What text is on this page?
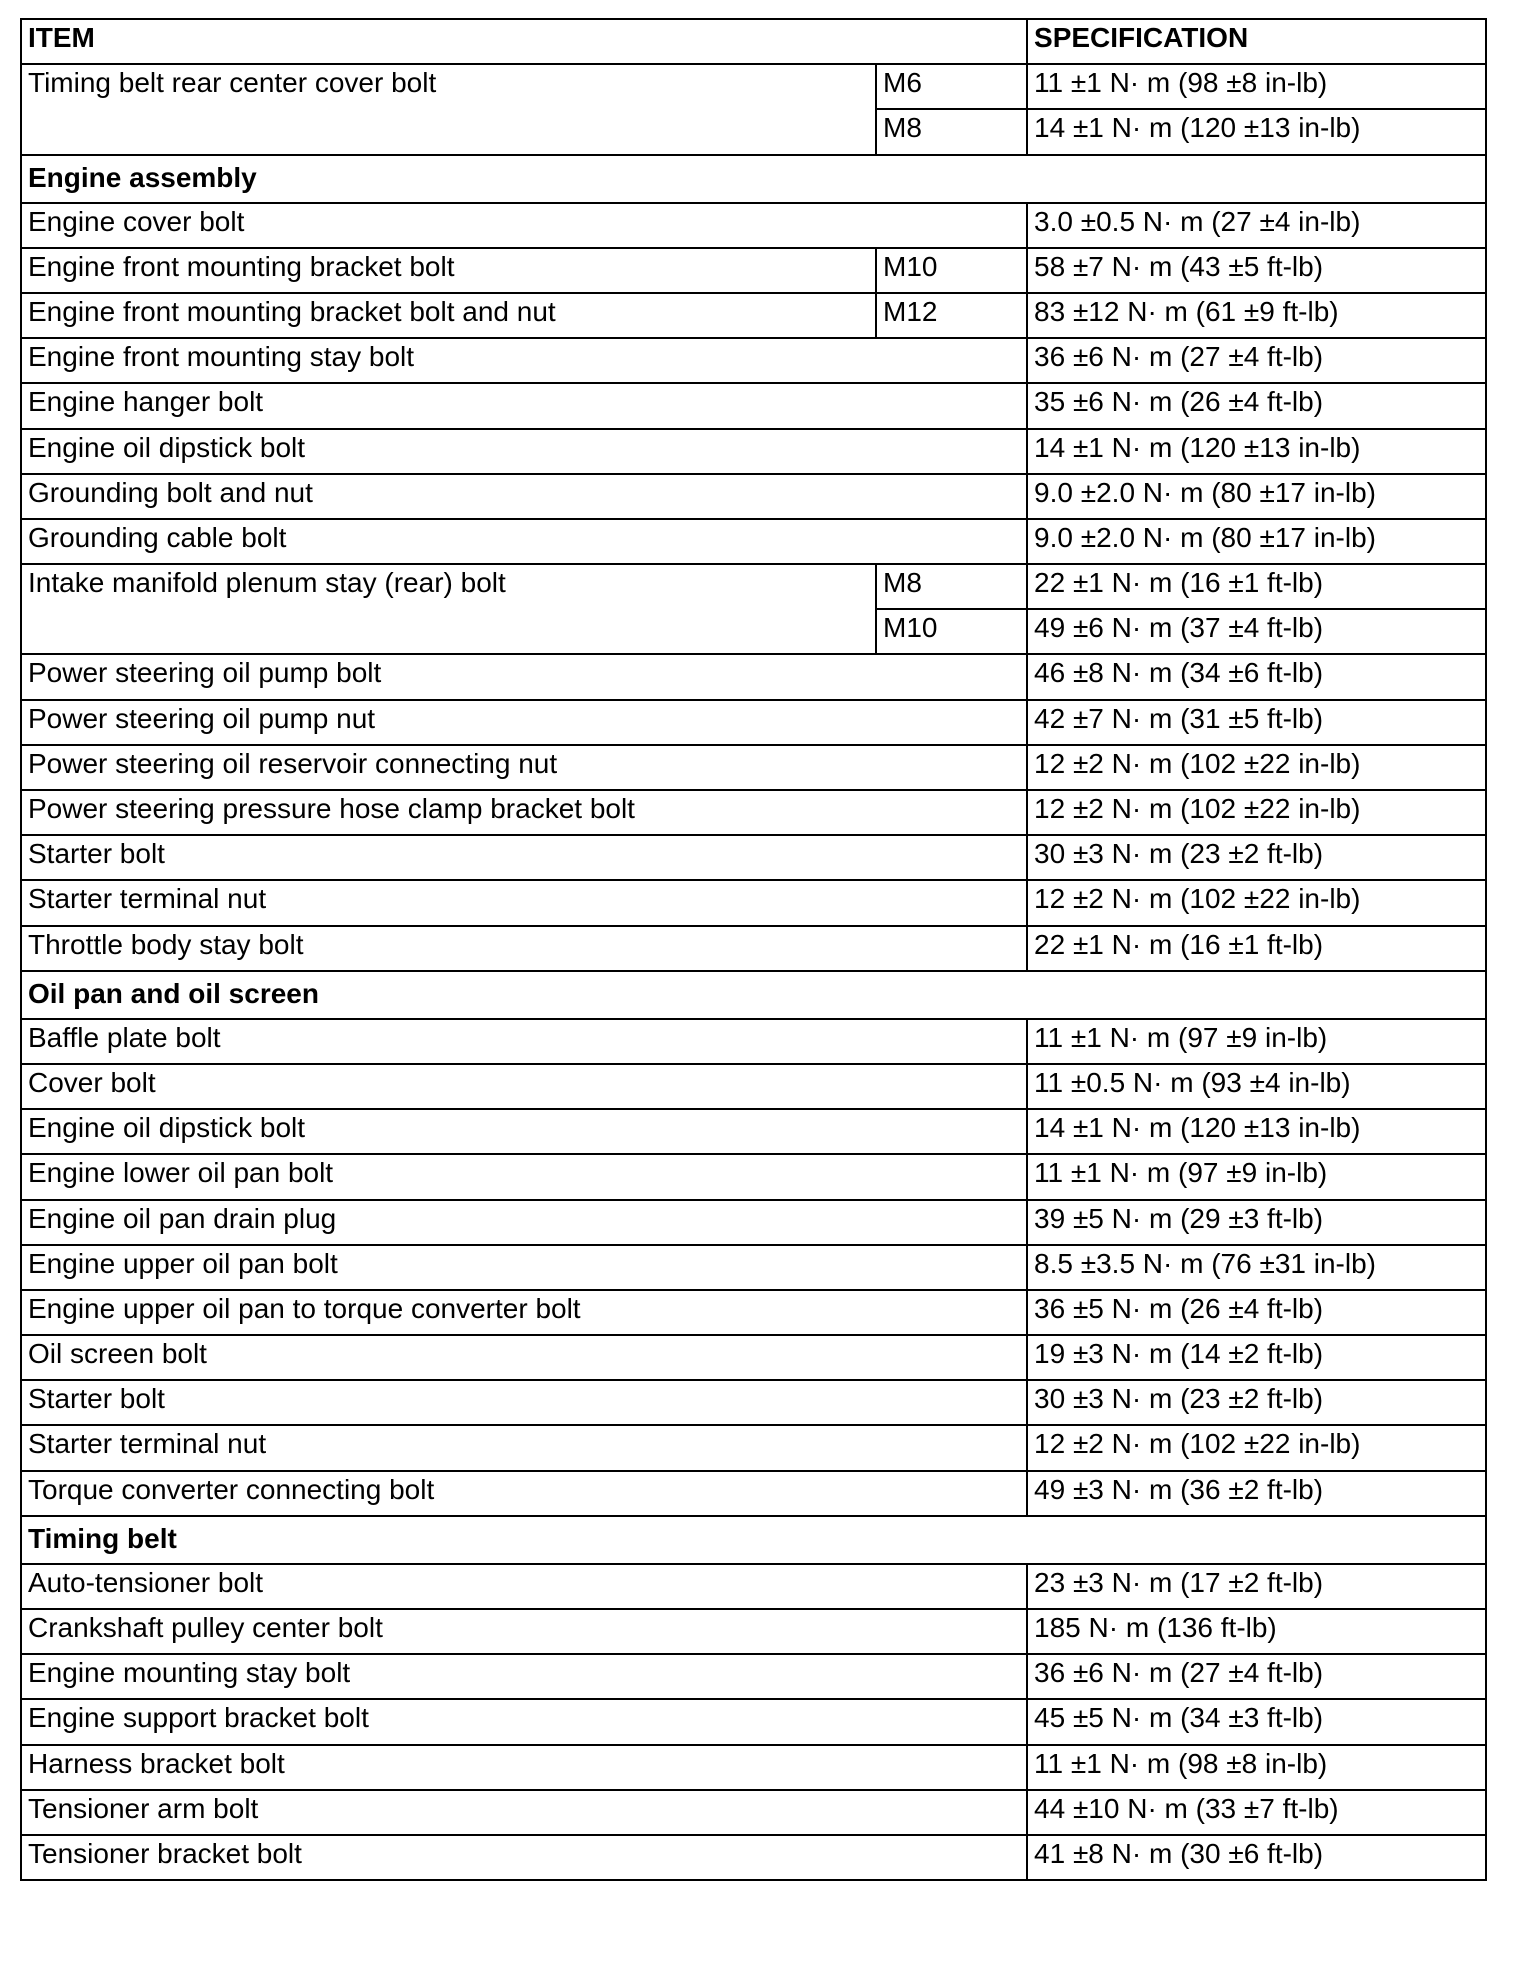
ITEM		SPECIFICATION
Timing belt rear center cover bolt	M6	11 ±1 N· m (98 ±8 in-lb)
	M8	14 ±1 N· m (120 ±13 in-lb)
Engine assembly		
Engine cover bolt		3.0 ±0.5 N· m (27 ±4 in-lb)
Engine front mounting bracket bolt	M10	58 ±7 N· m (43 ±5 ft-lb)
Engine front mounting bracket bolt and nut	M12	83 ±12 N· m (61 ±9 ft-lb)
Engine front mounting stay bolt		36 ±6 N· m (27 ±4 ft-lb)
Engine hanger bolt		35 ±6 N· m (26 ±4 ft-lb)
Engine oil dipstick bolt		14 ±1 N· m (120 ±13 in-lb)
Grounding bolt and nut		9.0 ±2.0 N· m (80 ±17 in-lb)
Grounding cable bolt		9.0 ±2.0 N· m (80 ±17 in-lb)
Intake manifold plenum stay (rear) bolt	M8	22 ±1 N· m (16 ±1 ft-lb)
	M10	49 ±6 N· m (37 ±4 ft-lb)
Power steering oil pump bolt		46 ±8 N· m (34 ±6 ft-lb)
Power steering oil pump nut		42 ±7 N· m (31 ±5 ft-lb)
Power steering oil reservoir connecting nut		12 ±2 N· m (102 ±22 in-lb)
Power steering pressure hose clamp bracket bolt		12 ±2 N· m (102 ±22 in-lb)
Starter bolt		30 ±3 N· m (23 ±2 ft-lb)
Starter terminal nut		12 ±2 N· m (102 ±22 in-lb)
Throttle body stay bolt		22 ±1 N· m (16 ±1 ft-lb)
Oil pan and oil screen		
Baffle plate bolt		11 ±1 N· m (97 ±9 in-lb)
Cover bolt		11 ±0.5 N· m (93 ±4 in-lb)
Engine oil dipstick bolt		14 ±1 N· m (120 ±13 in-lb)
Engine lower oil pan bolt		11 ±1 N· m (97 ±9 in-lb)
Engine oil pan drain plug		39 ±5 N· m (29 ±3 ft-lb)
Engine upper oil pan bolt		8.5 ±3.5 N· m (76 ±31 in-lb)
Engine upper oil pan to torque converter bolt		36 ±5 N· m (26 ±4 ft-lb)
Oil screen bolt		19 ±3 N· m (14 ±2 ft-lb)
Starter bolt		30 ±3 N· m (23 ±2 ft-lb)
Starter terminal nut		12 ±2 N· m (102 ±22 in-lb)
Torque converter connecting bolt		49 ±3 N· m (36 ±2 ft-lb)
Timing belt		
Auto-tensioner bolt		23 ±3 N· m (17 ±2 ft-lb)
Crankshaft pulley center bolt		185 N· m (136 ft-lb)
Engine mounting stay bolt		36 ±6 N· m (27 ±4 ft-lb)
Engine support bracket bolt		45 ±5 N· m (34 ±3 ft-lb)
Harness bracket bolt		11 ±1 N· m (98 ±8 in-lb)
Tensioner arm bolt		44 ±10 N· m (33 ±7 ft-lb)
Tensioner bracket bolt		41 ±8 N· m (30 ±6 ft-lb)
